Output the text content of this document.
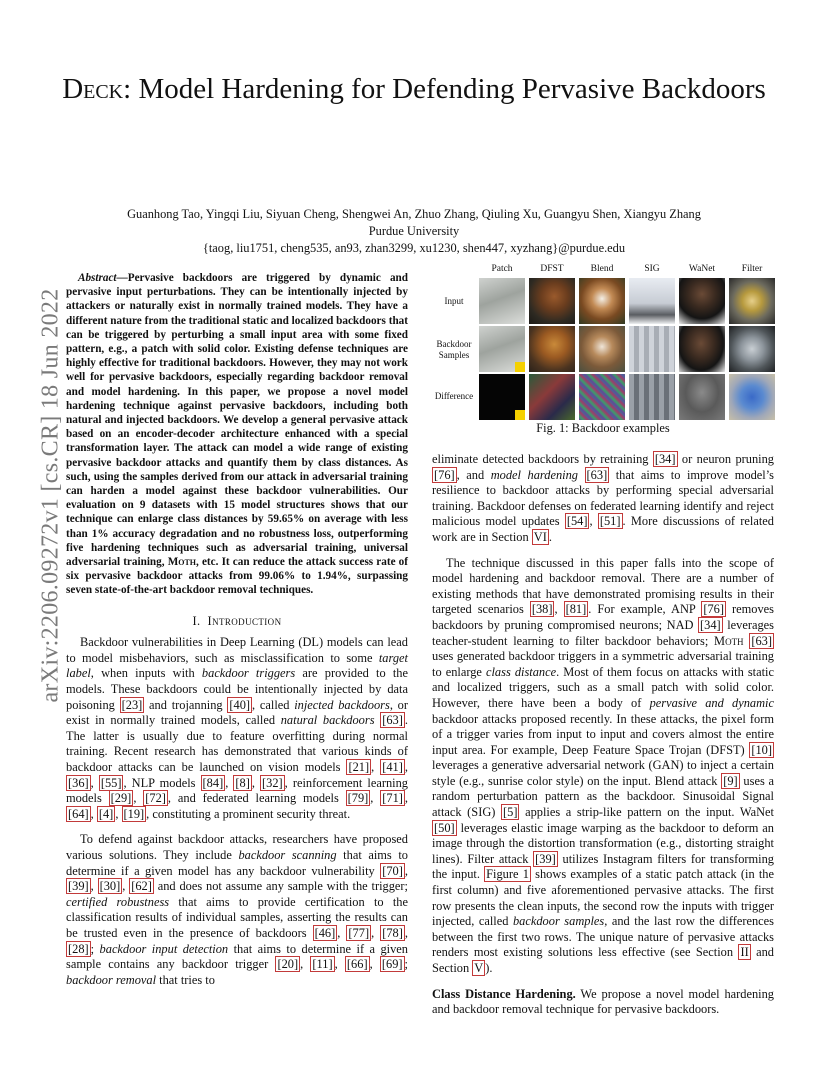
arXiv:2206.09272v1 [cs.CR] 18 Jun 2022
Deck: Model Hardening for Defending Pervasive Backdoors
Guanhong Tao, Yingqi Liu, Siyuan Cheng, Shengwei An, Zhuo Zhang, Qiuling Xu, Guangyu Shen, Xiangyu Zhang
Purdue University
{taog, liu1751, cheng535, an93, zhan3299, xu1230, shen447, xyzhang}@purdue.edu

Abstract—Pervasive backdoors are triggered by dynamic and pervasive input perturbations. They can be intentionally injected by attackers or naturally exist in normally trained models. They have a different nature from the traditional static and localized backdoors that can be triggered by perturbing a small input area with some fixed pattern, e.g., a patch with solid color. Existing defense techniques are highly effective for traditional backdoors. However, they may not work well for pervasive backdoors, especially regarding backdoor removal and model hardening. In this paper, we propose a novel model hardening technique against pervasive backdoors, including both natural and injected backdoors. We develop a general pervasive attack based on an encoder-decoder architecture enhanced with a special transformation layer. The attack can model a wide range of existing pervasive backdoor attacks and quantify them by class distances. As such, using the samples derived from our attack in adversarial training can harden a model against these backdoor vulnerabilities. Our evaluation on 9 datasets with 15 model structures shows that our technique can enlarge class distances by 59.65% on average with less than 1% accuracy degradation and no robustness loss, outperforming five hardening techniques such as adversarial training, universal adversarial training, Moth, etc. It can reduce the attack success rate of six pervasive backdoor attacks from 99.06% to 1.94%, surpassing seven state-of-the-art backdoor removal techniques.

I. Introduction

Backdoor vulnerabilities in Deep Learning (DL) models can lead to model misbehaviors, such as misclassification to some target label, when inputs with backdoor triggers are provided to the models. These backdoors could be intentionally injected by data poisoning [23] and trojanning [40] , called injected backdoors, or exist in normally trained models, called natural backdoors [63] . The latter is usually due to feature overfitting during normal training. Recent research has demonstrated that various kinds of backdoor attacks can be launched on vision models [21] , [41] , [36] , [55] , NLP models [84] , [8] , [32] , reinforcement learning models [29] , [72] , and federated learning models [79] , [71] , [64] , [4] , [19] , constituting a prominent security threat.

To defend against backdoor attacks, researchers have proposed various solutions. They include backdoor scanning that aims to determine if a given model has any backdoor vulnerability [70] , [39] , [30] , [62] and does not assume any sample with the trigger; certified robustness that aims to provide certification to the classification results of individual samples, asserting the results can be trusted even in the presence of backdoors [46] , [77] , [78] , [28] ; backdoor input detection that aims to determine if a given sample contains any backdoor trigger [20] , [11] , [66] , [69] ; backdoor removal that tries to

Patch	DFST	Blend	SIG	WaNet	Filter
Input
Backdoor Samples
Difference
Fig. 1: Backdoor examples

eliminate detected backdoors by retraining [34] or neuron pruning [76] , and model hardening [63] that aims to improve model’s resilience to backdoor attacks by performing special adversarial training. Backdoor defenses on federated learning identify and reject malicious model updates [54] , [51] . More discussions of related work are in Section VI .

The technique discussed in this paper falls into the scope of model hardening and backdoor removal. There are a number of existing methods that have demonstrated promising results in their targeted scenarios [38] , [81] . For example, ANP [76] removes backdoors by pruning compromised neurons; NAD [34] leverages teacher-student learning to filter backdoor behaviors; Moth [63] uses generated backdoor triggers in a symmetric adversarial training to enlarge class distance. Most of them focus on attacks with static and localized triggers, such as a small patch with solid color. However, there have been a body of pervasive and dynamic backdoor attacks proposed recently. In these attacks, the pixel form of a trigger varies from input to input and covers almost the entire input area. For example, Deep Feature Space Trojan (DFST) [10] leverages a generative adversarial network (GAN) to inject a certain style (e.g., sunrise color style) on the input. Blend attack [9] uses a random perturbation pattern as the backdoor. Sinusoidal Signal attack (SIG) [5] applies a strip-like pattern on the input. WaNet [50] leverages elastic image warping as the backdoor to deform an image through the distortion transformation (e.g., distorting straight lines). Filter attack [39] utilizes Instagram filters for transforming the input. Figure 1 shows examples of a static patch attack (in the first column) and five aforementioned pervasive attacks. The first row presents the clean inputs, the second row the inputs with trigger injected, called backdoor samples, and the last row the differences between the first two rows. The unique nature of pervasive attacks renders most existing solutions less effective (see Section II and Section V ).

Class Distance Hardening. We propose a novel model hardening and backdoor removal technique for pervasive backdoors.
